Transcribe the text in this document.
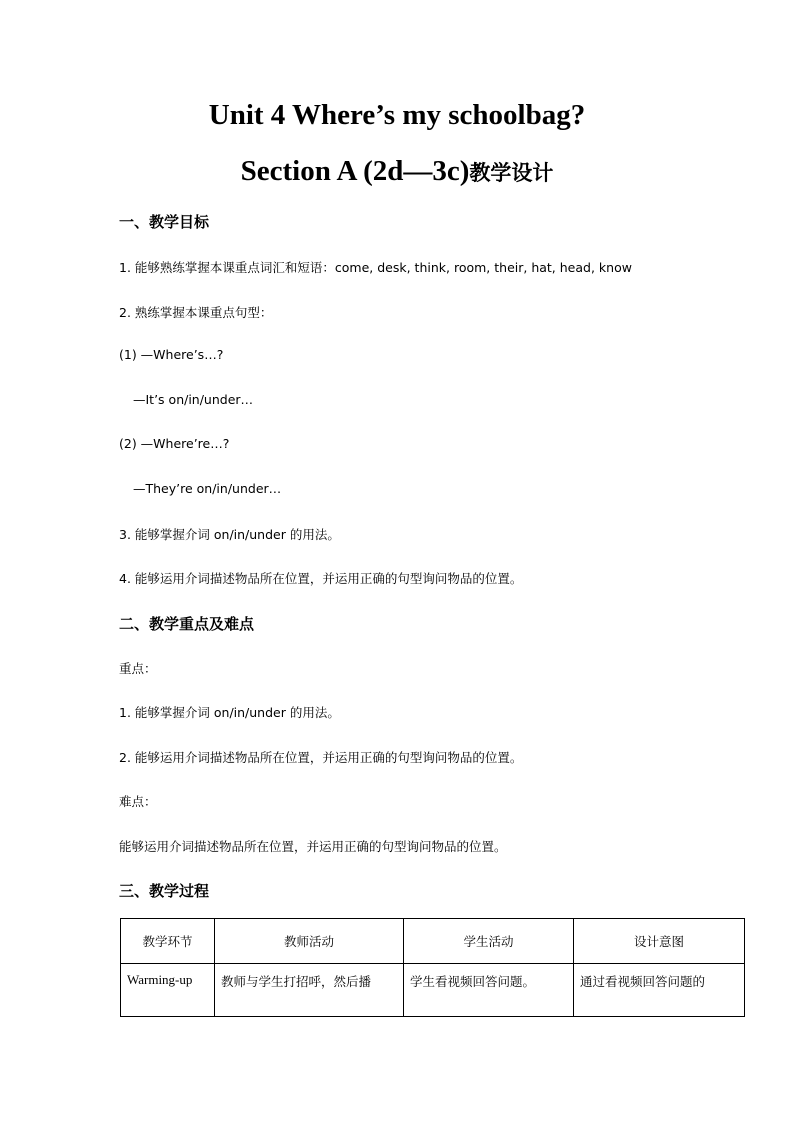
Unit 4 Where’s my schoolbag?
Section A (2d—3c)教学设计
一、教学目标
1. 能够熟练掌握本课重点词汇和短语：come, desk, think, room, their, hat, head, know
2. 熟练掌握本课重点句型：
(1) —Where’s…?
—It’s on/in/under…
(2) —Where’re…?
—They’re on/in/under…
3. 能够掌握介词 on/in/under 的用法。
4. 能够运用介词描述物品所在位置，并运用正确的句型询问物品的位置。
二、教学重点及难点
重点：
1. 能够掌握介词 on/in/under 的用法。
2. 能够运用介词描述物品所在位置，并运用正确的句型询问物品的位置。
难点：
能够运用介词描述物品所在位置，并运用正确的句型询问物品的位置。
三、教学过程
教学环节	教师活动	学生活动	设计意图
Warming-up	教师与学生打招呼，然后播	学生看视频回答问题。	通过看视频回答问题的
